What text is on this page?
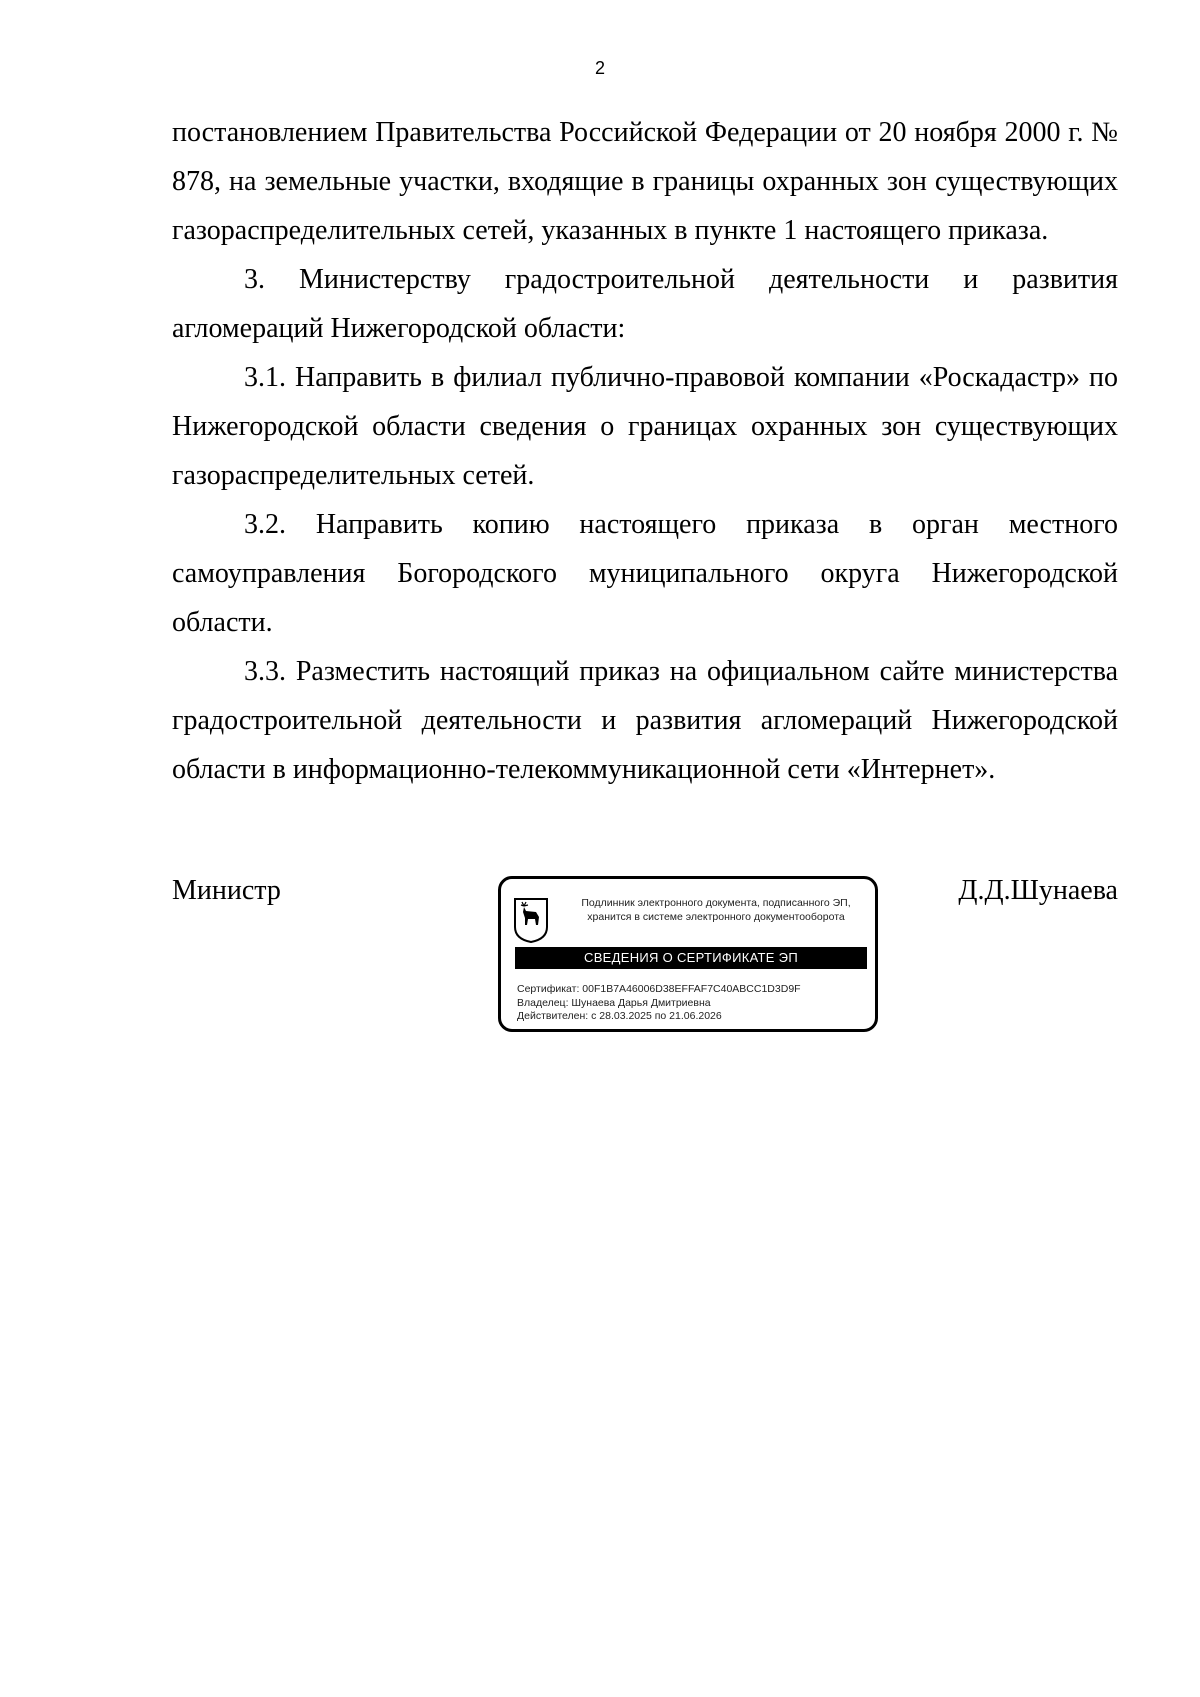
2

постановлением Правительства Российской Федерации от 20 ноября 2000 г. № 878, на земельные участки, входящие в границы охранных зон существующих газораспределительных сетей, указанных в пункте 1 настоящего приказа.

3. Министерству градостроительной деятельности и развития агломераций Нижегородской области:

3.1. Направить в филиал публично-правовой компании «Роскадастр» по Нижегородской области сведения о границах охранных зон существующих газораспределительных сетей.

3.2. Направить копию настоящего приказа в орган местного самоуправления Богородского муниципального округа Нижегородской области.

3.3. Разместить настоящий приказ на официальном сайте министерства градостроительной деятельности и развития агломераций Нижегородской области в информационно-телекоммуникационной сети «Интернет».

Министр	Д.Д.Шунаева
Подлинник электронного документа, подписанного ЭП,
хранится в системе электронного документооборота
СВЕДЕНИЯ О СЕРТИФИКАТЕ ЭП
Сертификат: 00F1B7A46006D38EFFAF7C40ABCC1D3D9F
Владелец: Шунаева Дарья Дмитриевна
Действителен: с 28.03.2025 по 21.06.2026
